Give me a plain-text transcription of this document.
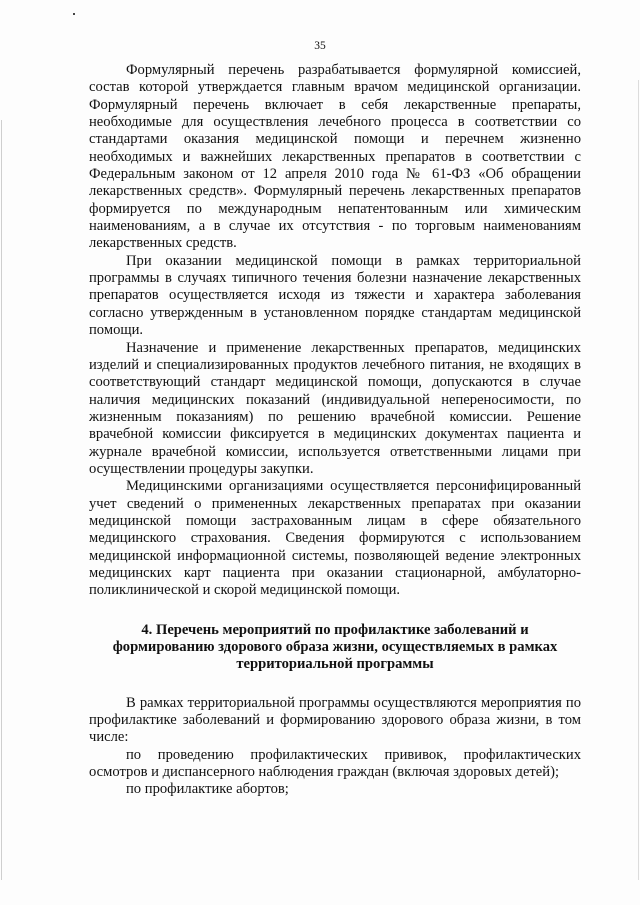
35

Формулярный перечень разрабатывается формулярной комиссией, состав которой утверждается главным врачом медицинской организации. Формулярный перечень включает в себя лекарственные препараты, необходимые для осуществления лечебного процесса в соответствии со стандартами оказания медицинской помощи и перечнем жизненно необходимых и важнейших лекарственных препаратов в соответствии с Федеральным законом от 12 апреля 2010 года № 61-ФЗ «Об обращении лекарственных средств». Формулярный перечень лекарственных препаратов формируется по международным непатентованным или химическим наименованиям, а в случае их отсутствия - по торговым наименованиям лекарственных средств.

При оказании медицинской помощи в рамках территориальной программы в случаях типичного течения болезни назначение лекарственных препаратов осуществляется исходя из тяжести и характера заболевания согласно утвержденным в установленном порядке стандартам медицинской помощи.

Назначение и применение лекарственных препаратов, медицинских изделий и специализированных продуктов лечебного питания, не входящих в соответствующий стандарт медицинской помощи, допускаются в случае наличия медицинских показаний (индивидуальной непереносимости, по жизненным показаниям) по решению врачебной комиссии. Решение врачебной комиссии фиксируется в медицинских документах пациента и журнале врачебной комиссии, используется ответственными лицами при осуществлении процедуры закупки.

Медицинскими организациями осуществляется персонифицированный учет сведений о примененных лекарственных препаратах при оказании медицинской помощи застрахованным лицам в сфере обязательного медицинского страхования. Сведения формируются с использованием медицинской информационной системы, позволяющей ведение электронных медицинских карт пациента при оказании стационарной, амбулаторно-поликлинической и скорой медицинской помощи.

4. Перечень мероприятий по профилактике заболеваний и формированию здорового образа жизни, осуществляемых в рамках территориальной программы

В рамках территориальной программы осуществляются мероприятия по профилактике заболеваний и формированию здорового образа жизни, в том числе:

по проведению профилактических прививок, профилактических осмотров и диспансерного наблюдения граждан (включая здоровых детей);

по профилактике абортов;
